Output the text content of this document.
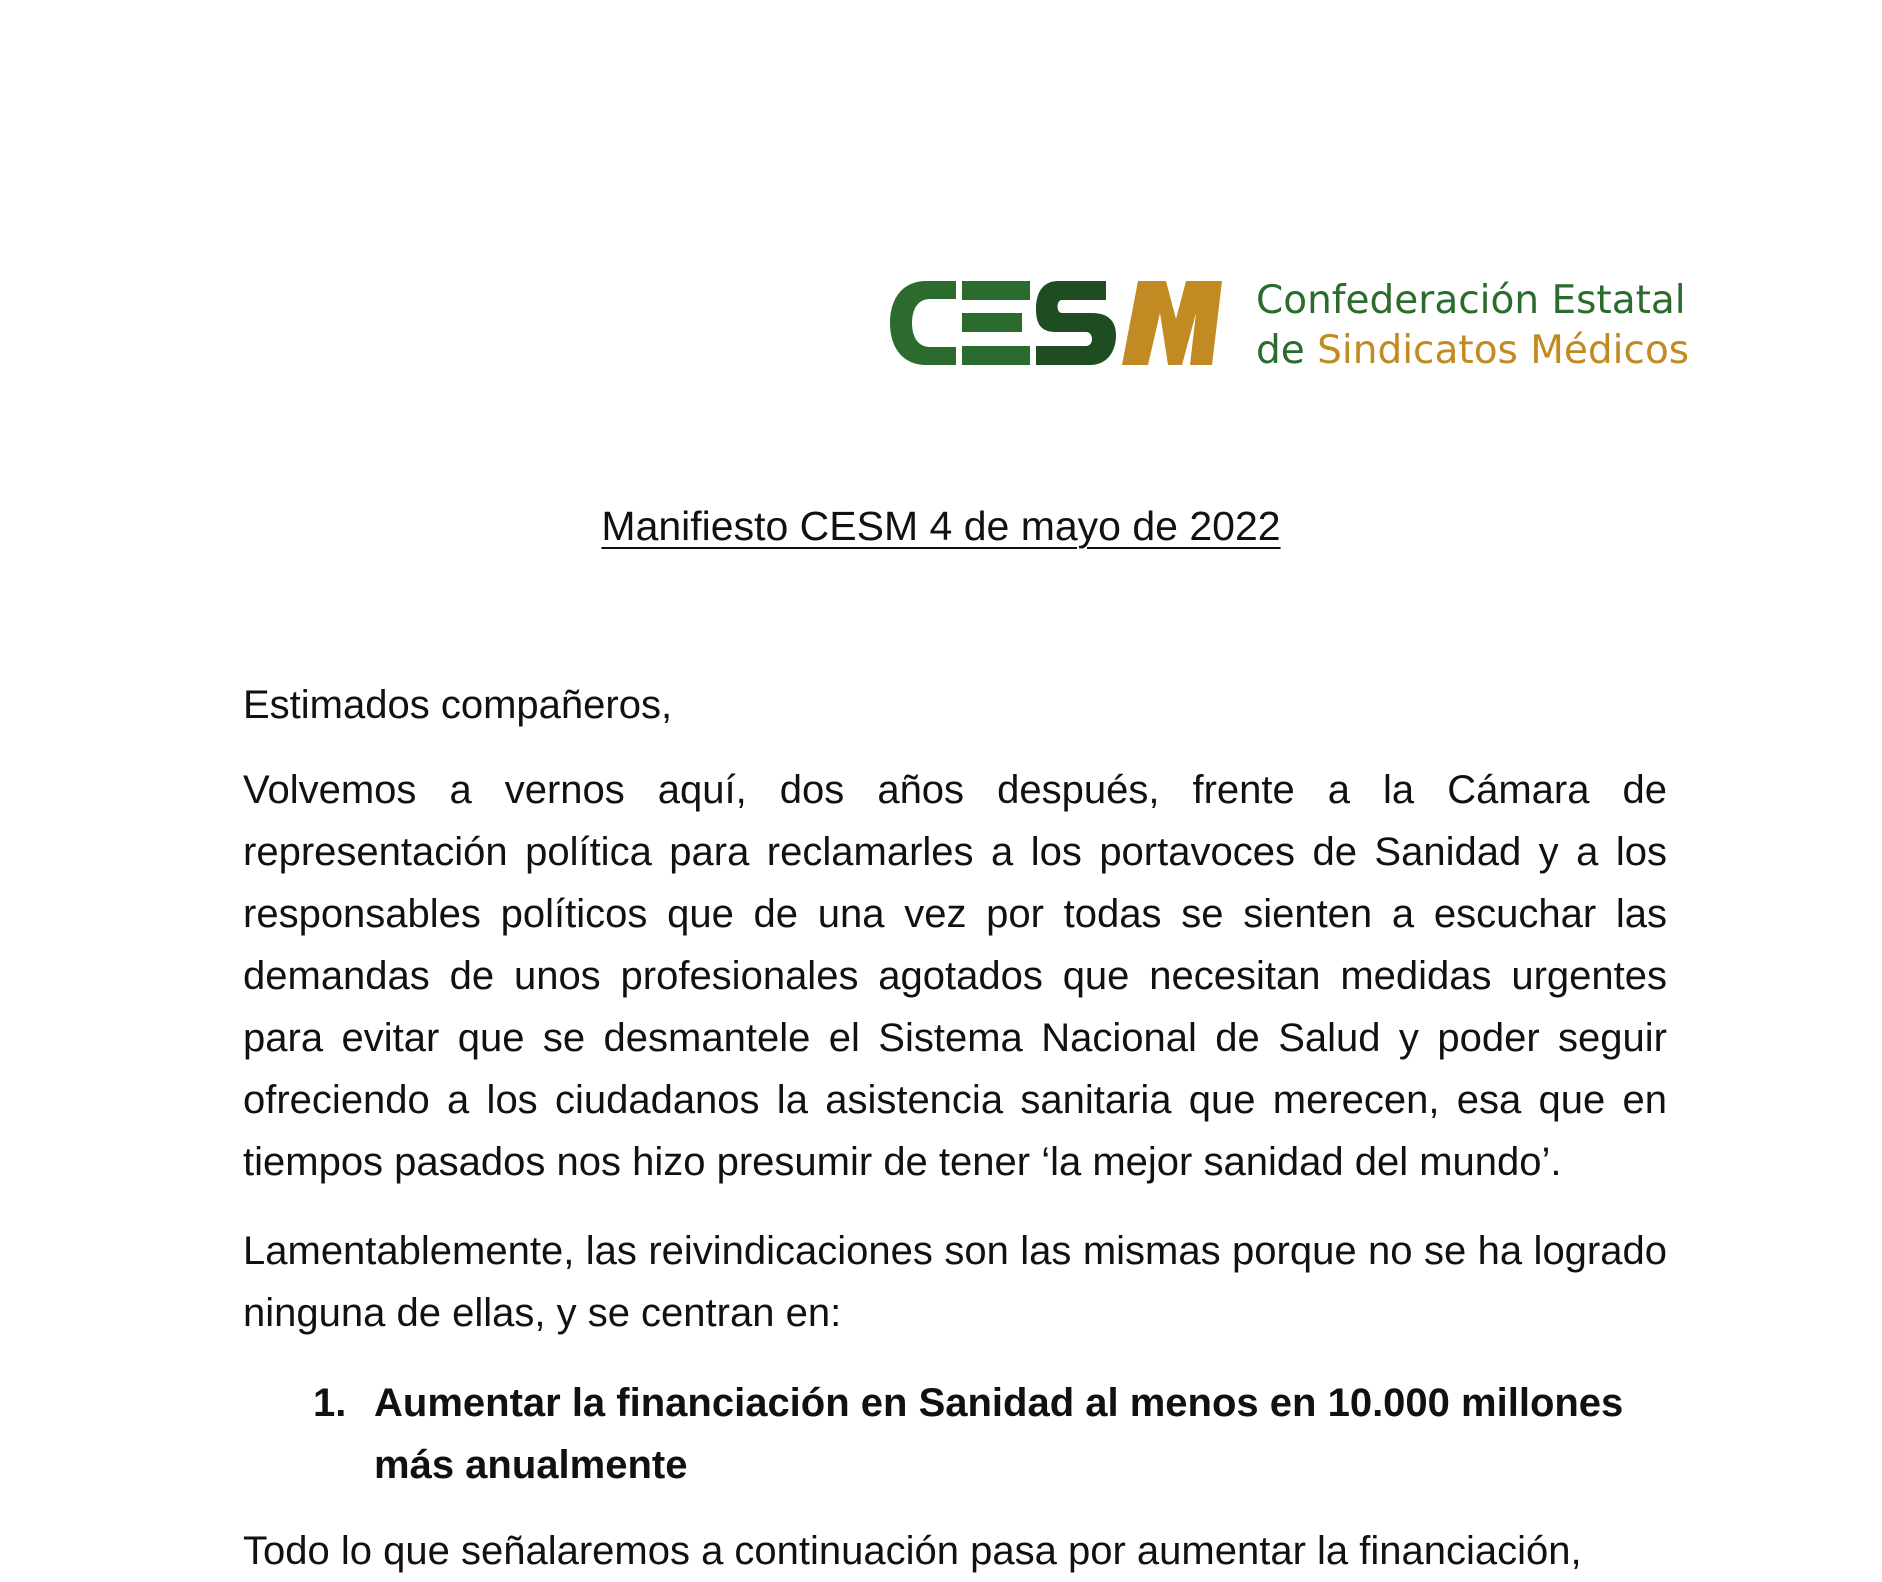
Confederación Estatal
de Sindicatos Médicos
Manifiesto CESM 4 de mayo de 2022
Estimados compañeros,
Volvemos a vernos aquí, dos años después, frente a la Cámara de representación política para reclamarles a los portavoces de Sanidad y a los responsables políticos que de una vez por todas se sienten a escuchar las demandas de unos profesionales agotados que necesitan medidas urgentes para evitar que se desmantele el Sistema Nacional de Salud y poder seguir ofreciendo a los ciudadanos la asistencia sanitaria que merecen, esa que en tiempos pasados nos hizo presumir de tener ‘la mejor sanidad del mundo’.
Lamentablemente, las reivindicaciones son las mismas porque no se ha logrado ninguna de ellas, y se centran en:
1. Aumentar la financiación en Sanidad al menos en 10.000 millones más anualmente
Todo lo que señalaremos a continuación pasa por aumentar la financiación,
